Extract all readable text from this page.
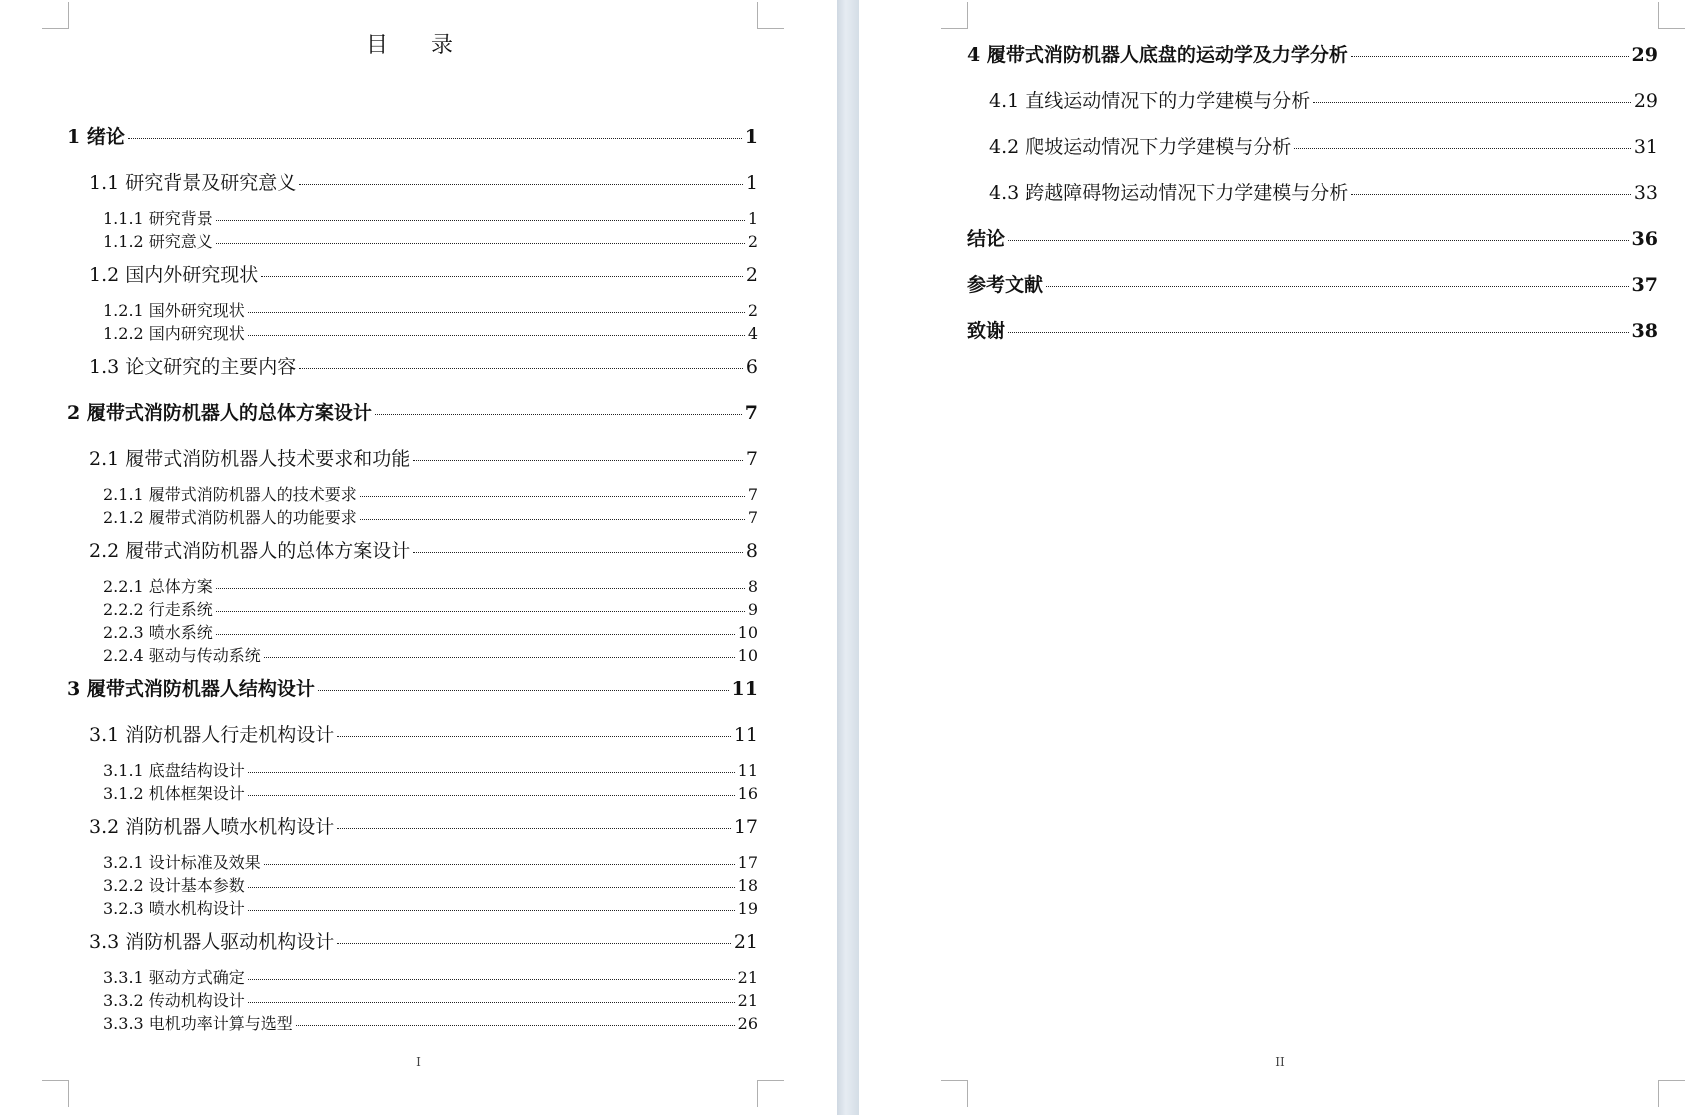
目 录
1 绪论	1
1.1 研究背景及研究意义	1
1.1.1 研究背景	1
1.1.2 研究意义	2
1.2 国内外研究现状	2
1.2.1 国外研究现状	2
1.2.2 国内研究现状	4
1.3 论文研究的主要内容	6
2 履带式消防机器人的总体方案设计	7
2.1 履带式消防机器人技术要求和功能	7
2.1.1 履带式消防机器人的技术要求	7
2.1.2 履带式消防机器人的功能要求	7
2.2 履带式消防机器人的总体方案设计	8
2.2.1 总体方案	8
2.2.2 行走系统	9
2.2.3 喷水系统	10
2.2.4 驱动与传动系统	10
3 履带式消防机器人结构设计	11
3.1 消防机器人行走机构设计	11
3.1.1 底盘结构设计	11
3.1.2 机体框架设计	16
3.2 消防机器人喷水机构设计	17
3.2.1 设计标准及效果	17
3.2.2 设计基本参数	18
3.2.3 喷水机构设计	19
3.3 消防机器人驱动机构设计	21
3.3.1 驱动方式确定	21
3.3.2 传动机构设计	21
3.3.3 电机功率计算与选型	26
I
4 履带式消防机器人底盘的运动学及力学分析	29
4.1 直线运动情况下的力学建模与分析	29
4.2 爬坡运动情况下力学建模与分析	31
4.3 跨越障碍物运动情况下力学建模与分析	33
结论	36
参考文献	37
致谢	38
II
